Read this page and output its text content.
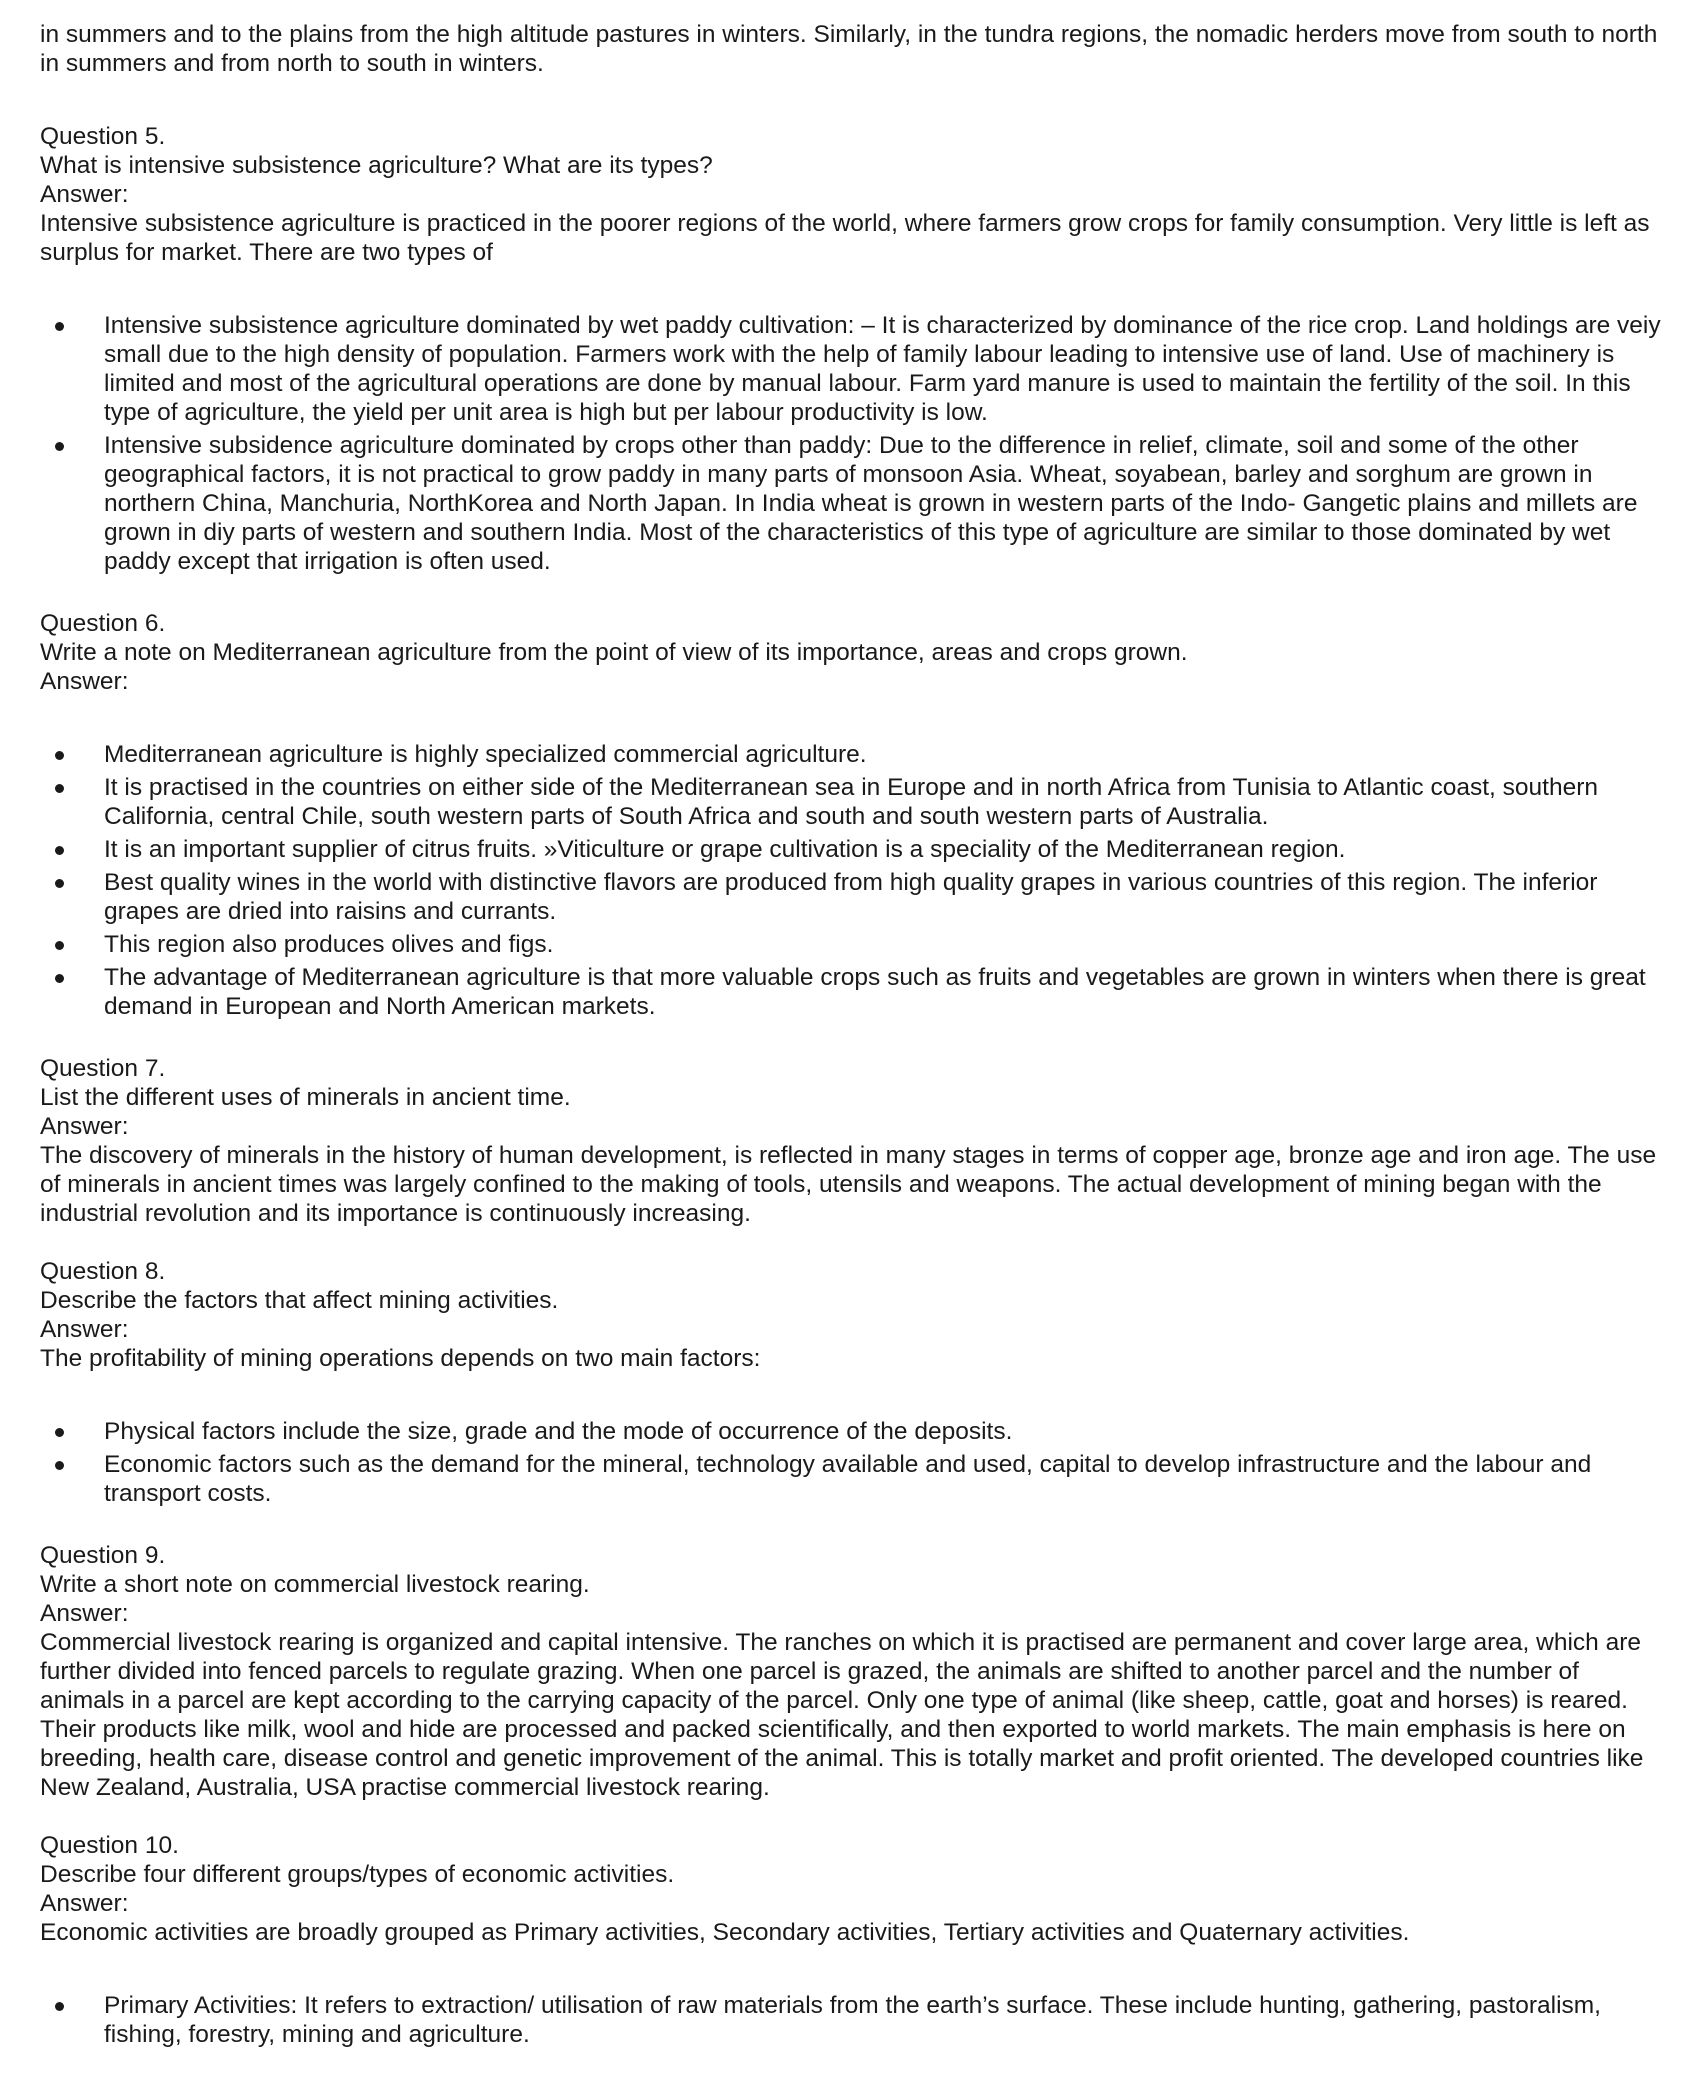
in summers and to the plains from the high altitude pastures in winters. Similarly, in the tundra regions, the nomadic herders move from south to north in summers and from north to south in winters.

Question 5.

What is intensive subsistence agriculture? What are its types?

Answer:

Intensive subsistence agriculture is practiced in the poorer regions of the world, where farmers grow crops for family consumption. Very little is left as surplus for market. There are two types of

Intensive subsistence agriculture dominated by wet paddy cultivation: – It is characterized by dominance of the rice crop. Land holdings are veiy small due to the high density of population. Farmers work with the help of family labour leading to intensive use of land. Use of machinery is limited and most of the agricultural operations are done by manual labour. Farm yard manure is used to maintain the fertility of the soil. In this type of agriculture, the yield per unit area is high but per labour productivity is low.
Intensive subsidence agriculture dominated by crops other than paddy: Due to the difference in relief, climate, soil and some of the other geographical factors, it is not practical to grow paddy in many parts of monsoon Asia. Wheat, soyabean, barley and sorghum are grown in northern China, Manchuria, NorthKorea and North Japan. In India wheat is grown in western parts of the Indo- Gangetic plains and millets are grown in diy parts of western and southern India. Most of the characteristics of this type of agriculture are similar to those dominated by wet paddy except that irrigation is often used.

Question 6.

Write a note on Mediterranean agriculture from the point of view of its importance, areas and crops grown.

Answer:

Mediterranean agriculture is highly specialized commercial agriculture.
It is practised in the countries on either side of the Mediterranean sea in Europe and in north Africa from Tunisia to Atlantic coast, southern California, central Chile, south western parts of South Africa and south and south western parts of Australia.
It is an important supplier of citrus fruits. »Viticulture or grape cultivation is a speciality of the Mediterranean region.
Best quality wines in the world with distinctive flavors are produced from high quality grapes in various countries of this region. The inferior grapes are dried into raisins and currants.
This region also produces olives and figs.
The advantage of Mediterranean agriculture is that more valuable crops such as fruits and vegetables are grown in winters when there is great demand in European and North American markets.

Question 7.

List the different uses of minerals in ancient time.

Answer:

The discovery of minerals in the history of human development, is reflected in many stages in terms of copper age, bronze age and iron age. The use of minerals in ancient times was largely confined to the making of tools, utensils and weapons. The actual development of mining began with the industrial revolution and its importance is continuously increasing.

Question 8.

Describe the factors that affect mining activities.

Answer:

The profitability of mining operations depends on two main factors:

Physical factors include the size, grade and the mode of occurrence of the deposits.
Economic factors such as the demand for the mineral, technology available and used, capital to develop infrastructure and the labour and transport costs.

Question 9.

Write a short note on commercial livestock rearing.

Answer:

Commercial livestock rearing is organized and capital intensive. The ranches on which it is practised are permanent and cover large area, which are further divided into fenced parcels to regulate grazing. When one parcel is grazed, the animals are shifted to another parcel and the number of animals in a parcel are kept according to the carrying capacity of the parcel. Only one type of animal (like sheep, cattle, goat and horses) is reared. Their products like milk, wool and hide are processed and packed scientifically, and then exported to world markets. The main emphasis is here on breeding, health care, disease control and genetic improvement of the animal. This is totally market and profit oriented. The developed countries like New Zealand, Australia, USA practise commercial livestock rearing.

Question 10.

Describe four different groups/types of economic activities.

Answer:

Economic activities are broadly grouped as Primary activities, Secondary activities, Tertiary activities and Quaternary activities.

Primary Activities: It refers to extraction/ utilisation of raw materials from the earth’s surface. These include hunting, gathering, pastoralism, fishing, forestry, mining and agriculture.
